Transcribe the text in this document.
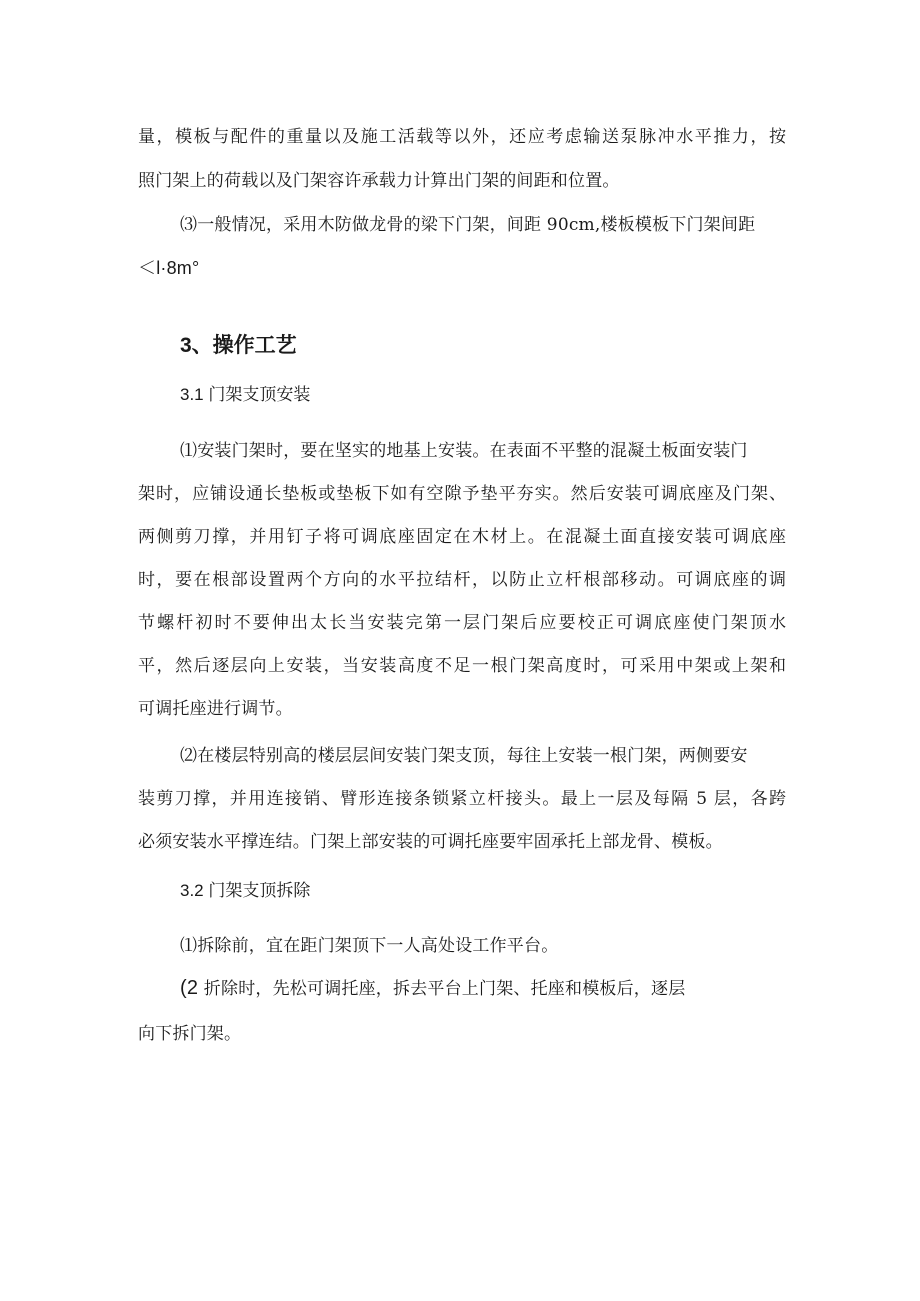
量，模板与配件的重量以及施工活载等以外，还应考虑输送泵脉冲水平推力，按
照门架上的荷载以及门架容许承载力计算出门架的间距和位置。
⑶一般情况，采用木防做龙骨的梁下门架，间距 90cm,楼板模板下门架间距
＜l·8m°
3、操作工艺
3.1 门架支顶安装
⑴安装门架时，要在坚实的地基上安装。在表面不平整的混凝土板面安装门
架时，应铺设通长垫板或垫板下如有空隙予垫平夯实。然后安装可调底座及门架、
两侧剪刀撑，并用钉子将可调底座固定在木材上。在混凝土面直接安装可调底座
时，要在根部设置两个方向的水平拉结杆，以防止立杆根部移动。可调底座的调
节螺杆初时不要伸出太长当安装完第一层门架后应要校正可调底座使门架顶水
平，然后逐层向上安装，当安装高度不足一根门架高度时，可采用中架或上架和
可调托座进行调节。
⑵在楼层特别高的楼层层间安装门架支顶，每往上安装一根门架，两侧要安
装剪刀撑，并用连接销、臂形连接条锁紧立杆接头。最上一层及每隔 5 层，各跨
必须安装水平撑连结。门架上部安装的可调托座要牢固承托上部龙骨、模板。
3.2 门架支顶拆除
⑴拆除前，宜在距门架顶下一人高处设工作平台。
(2 折除时，先松可调托座，拆去平台上门架、托座和模板后，逐层
向下拆门架。
